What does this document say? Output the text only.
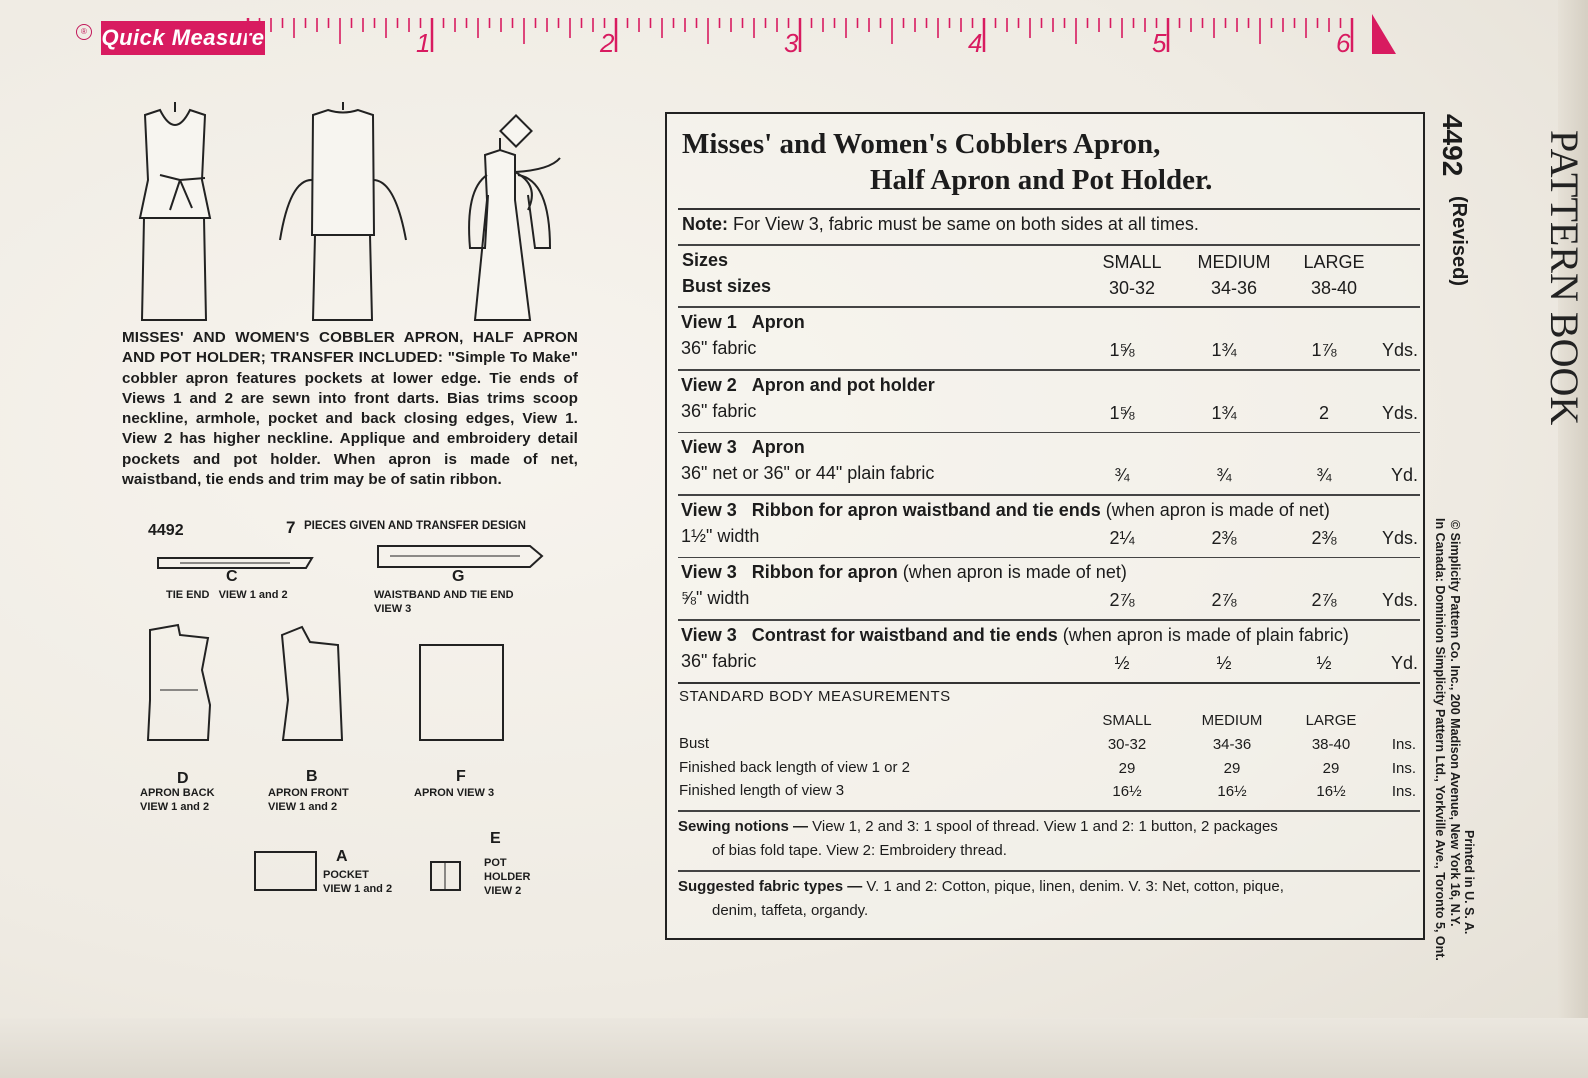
® Quick Measure	1	2	3	4	5	6
MISSES' AND WOMEN'S COBBLER APRON, HALF APRON AND POT HOLDER; TRANSFER INCLUDED: "Simple To Make" cobbler apron features pockets at lower edge. Tie ends of Views 1 and 2 are sewn into front darts. Bias trims scoop neckline, armhole, pocket and back closing edges, View 1. View 2 has higher neckline. Applique and embroidery detail pockets and pot holder. When apron is made of net, waistband, tie ends and trim may be of satin ribbon.
4492	7 PIECES GIVEN AND TRANSFER DESIGN
C
TIE END VIEW 1 and 2
G
WAISTBAND AND TIE END
VIEW 3
D
APRON BACK
VIEW 1 and 2
B
APRON FRONT
VIEW 1 and 2
F
APRON VIEW 3
A
POCKET
VIEW 1 and 2
E
POT
HOLDER
VIEW 2
Misses' and Women's Cobblers Apron,
Half Apron and Pot Holder.
Note: For View 3, fabric must be same on both sides at all times.
Sizes
Bust sizes
STANDARD BODY MEASUREMENTS
Sewing notions — View 1, 2 and 3: 1 spool of thread. View 1 and 2: 1 button, 2 packages
of bias fold tape. View 2: Embroidery thread.
Suggested fabric types — V. 1 and 2: Cotton, pique, linen, denim. V. 3: Net, cotton, pique,
denim, taffeta, organdy.
4492
(Revised)
© Simplicity Pattern Co. Inc., 200 Madison Avenue, New York 16, N.Y.
In Canada: Dominion Simplicity Pattern Ltd., Yorkville Ave., Toronto 5, Ont. Printed in U. S. A.
PATTERN BOOK
SMALL MEDIUM LARGE
30-32	34-36	38-40
View 1   Apron
36" fabric	1⅝	1¾	1⅞	Yds.
View 2   Apron and pot holder
36" fabric	1⅝	1¾	2	Yds.
View 3   Apron
36" net or 36" or 44" plain fabric	¾	¾	¾	Yd.
View 3   Ribbon for apron waistband and tie ends (when apron is made of net)
1½" width	2¼	2⅜	2⅜	Yds.
View 3   Ribbon for apron (when apron is made of net)
⅝" width	2⅞	2⅞	2⅞	Yds.
View 3   Contrast for waistband and tie ends (when apron is made of plain fabric)
36" fabric	½	½	½	Yd.
SMALL	MEDIUM	LARGE
Bust	30-32	34-36	38-40	Ins.
Finished back length of view 1 or 2	29	29	29	Ins.
Finished length of view 3	16½	16½	16½	Ins.
